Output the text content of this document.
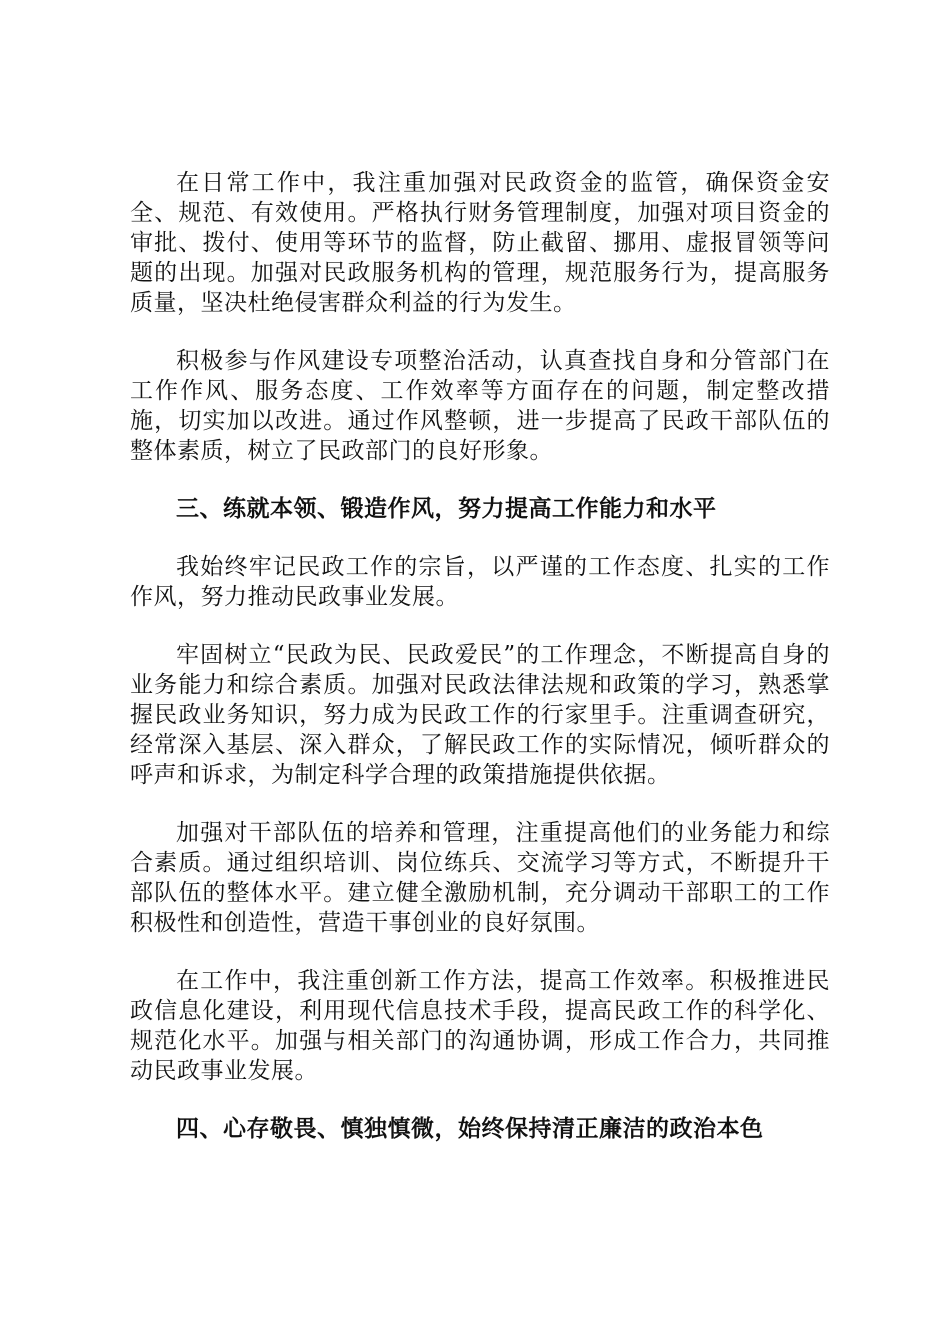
在日常工作中，我注重加强对民政资金的监管，确保资金安全、规范、有效使用。严格执行财务管理制度，加强对项目资金的审批、拨付、使用等环节的监督，防止截留、挪用、虚报冒领等问题的出现。加强对民政服务机构的管理，规范服务行为，提高服务质量，坚决杜绝侵害群众利益的行为发生。

积极参与作风建设专项整治活动，认真查找自身和分管部门在工作作风、服务态度、工作效率等方面存在的问题，制定整改措施，切实加以改进。通过作风整顿，进一步提高了民政干部队伍的整体素质，树立了民政部门的良好形象。

三、练就本领、锻造作风，努力提高工作能力和水平

我始终牢记民政工作的宗旨，以严谨的工作态度、扎实的工作作风，努力推动民政事业发展。

牢固树立“民政为民、民政爱民”的工作理念，不断提高自身的业务能力和综合素质。加强对民政法律法规和政策的学习，熟悉掌握民政业务知识，努力成为民政工作的行家里手。注重调查研究，经常深入基层、深入群众，了解民政工作的实际情况，倾听群众的呼声和诉求，为制定科学合理的政策措施提供依据。

加强对干部队伍的培养和管理，注重提高他们的业务能力和综合素质。通过组织培训、岗位练兵、交流学习等方式，不断提升干部队伍的整体水平。建立健全激励机制，充分调动干部职工的工作积极性和创造性，营造干事创业的良好氛围。

在工作中，我注重创新工作方法，提高工作效率。积极推进民政信息化建设，利用现代信息技术手段，提高民政工作的科学化、规范化水平。加强与相关部门的沟通协调，形成工作合力，共同推动民政事业发展。

四、心存敬畏、慎独慎微，始终保持清正廉洁的政治本色
